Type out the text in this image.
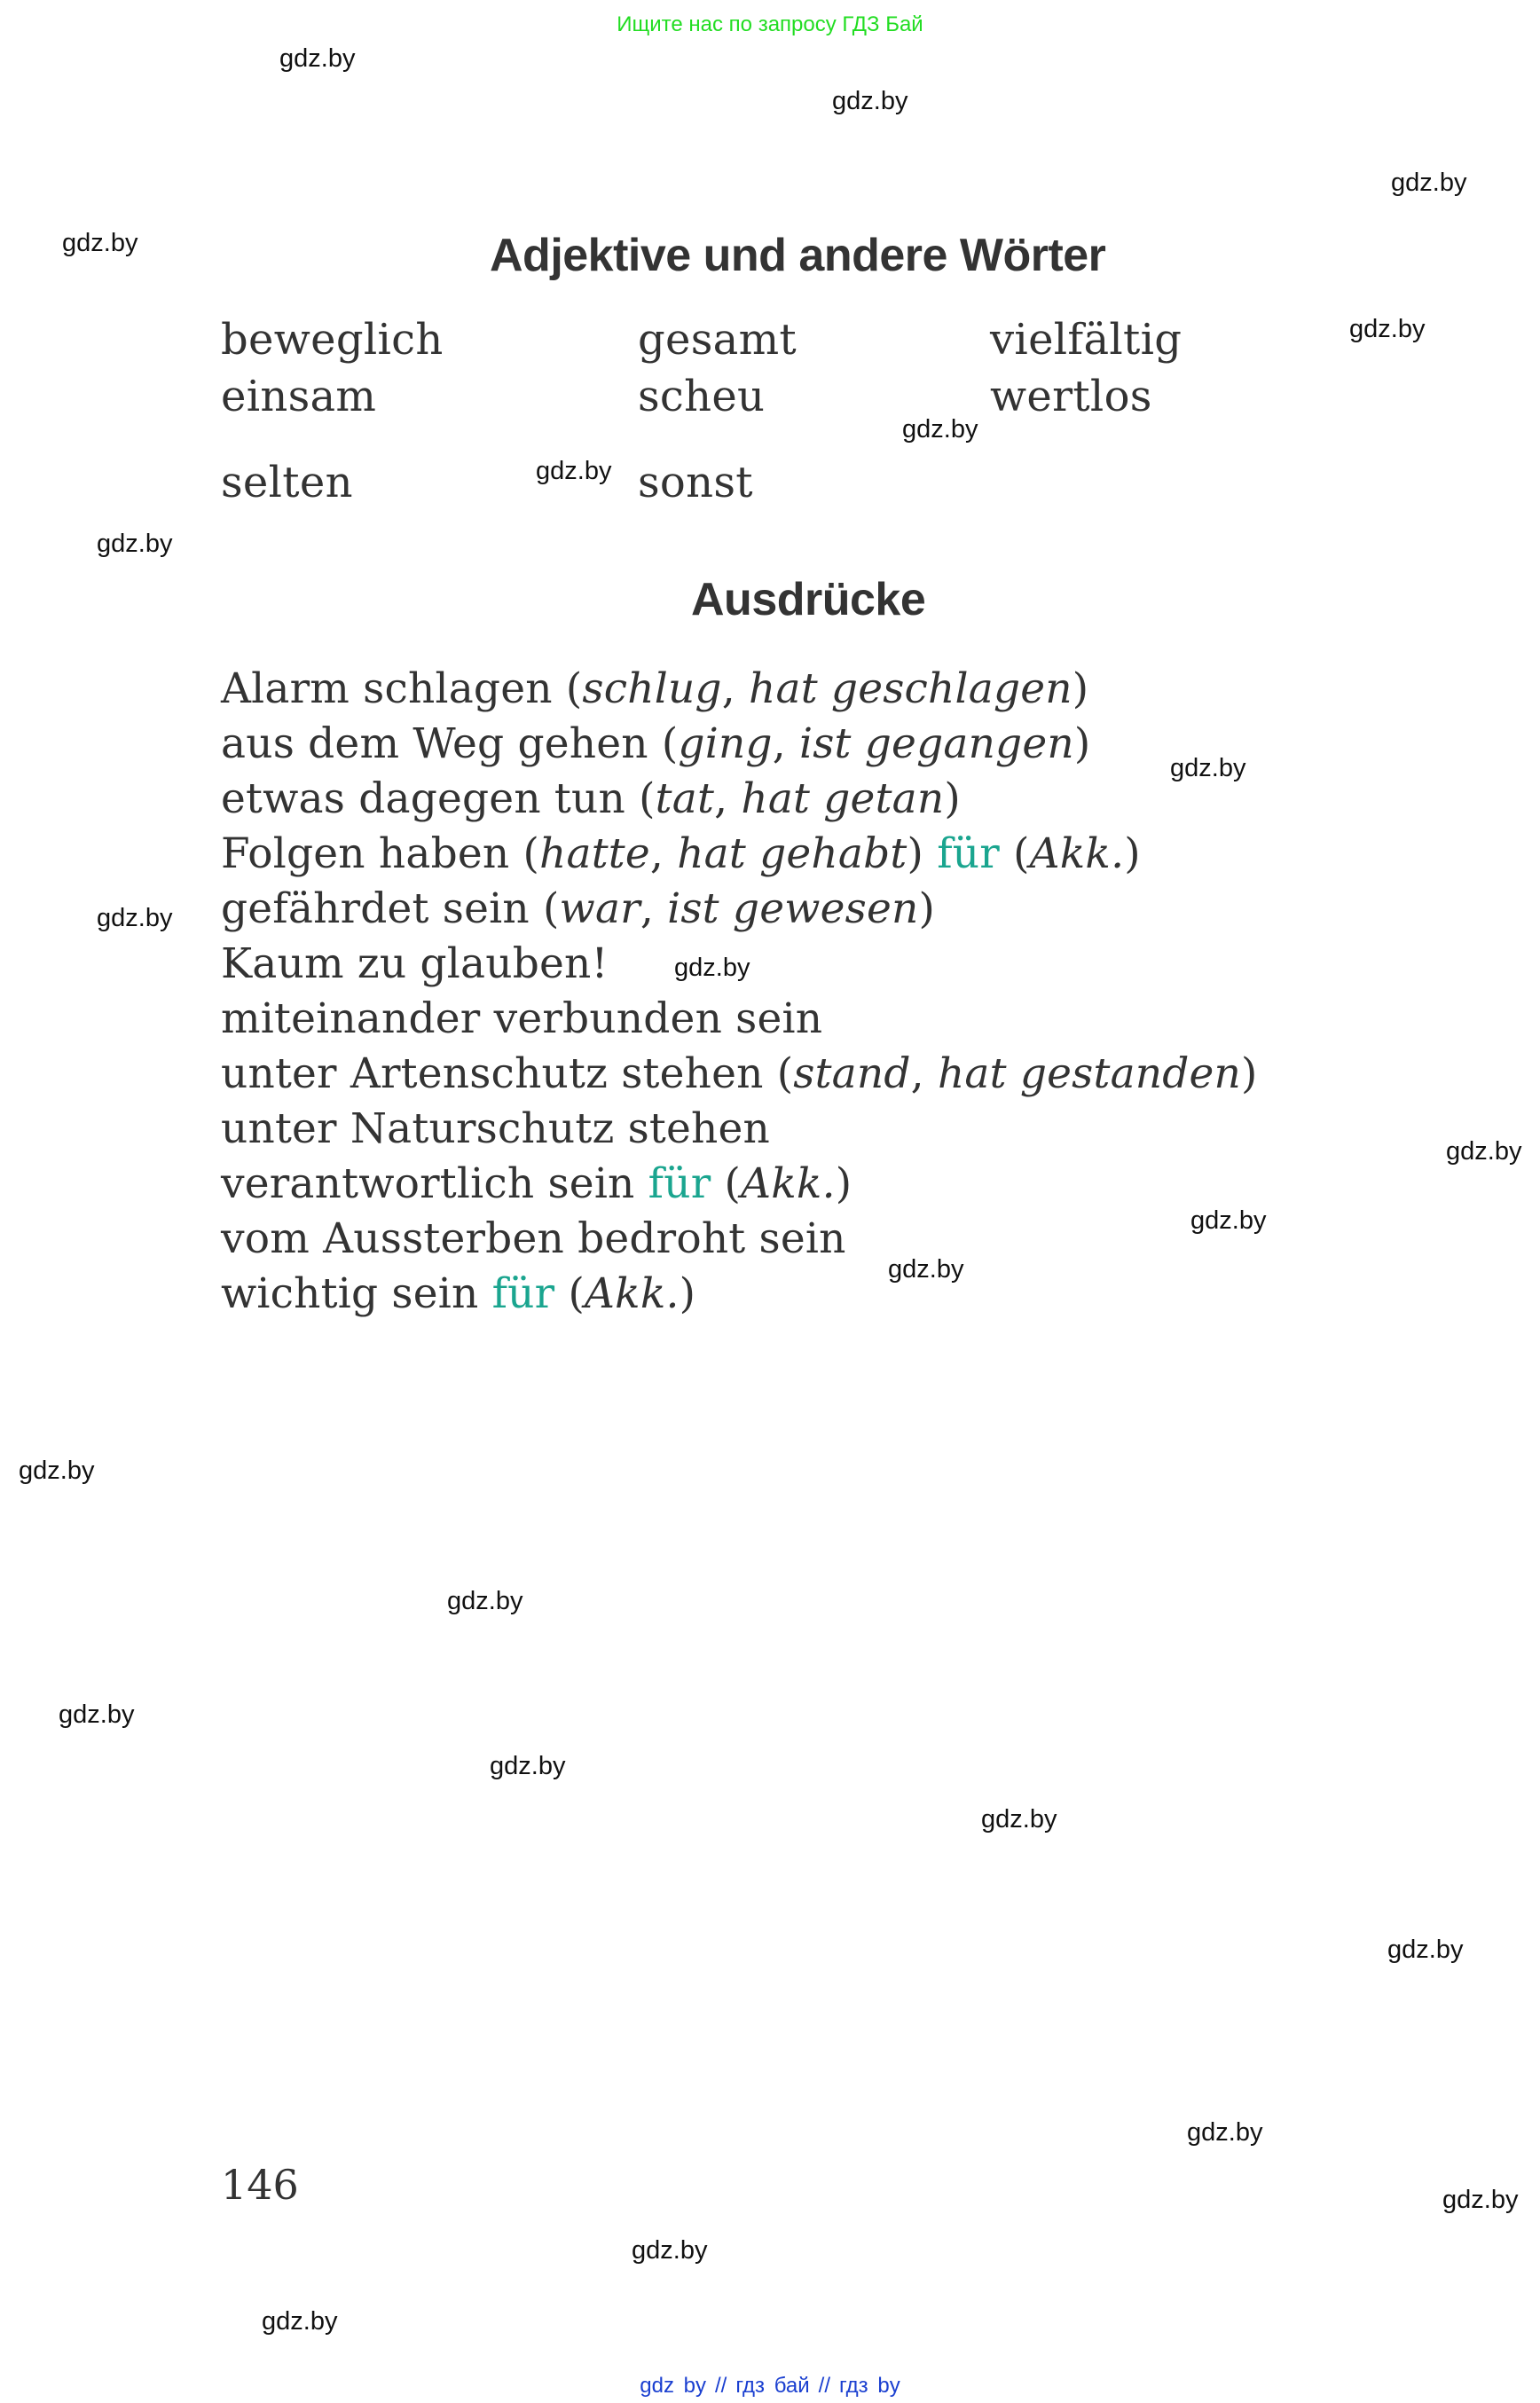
Ищите нас по запросу ГДЗ Бай
Adjektive und andere Wörter
beweglich	gesamt	vielfältig
einsam	scheu	wertlos
selten	sonst
Ausdrücke
Alarm schlagen (schlug, hat geschlagen)
aus dem Weg gehen (ging, ist gegangen)
etwas dagegen tun (tat, hat getan)
Folgen haben (hatte, hat gehabt) für (Akk.)
gefährdet sein (war, ist gewesen)
Kaum zu glauben!
miteinander verbunden sein
unter Artenschutz stehen (stand, hat gestanden)
unter Naturschutz stehen
verantwortlich sein für (Akk.)
vom Aussterben bedroht sein
wichtig sein für (Akk.)
146
gdz.by
gdz.by
gdz.by
gdz.by
gdz.by
gdz.by
gdz.by
gdz.by
gdz.by
gdz.by
gdz.by
gdz.by
gdz.by
gdz.by
gdz.by
gdz.by
gdz.by
gdz.by
gdz.by
gdz.by
gdz.by
gdz.by
gdz.by
gdz.by
gdz by // гдз бай // гдз by
